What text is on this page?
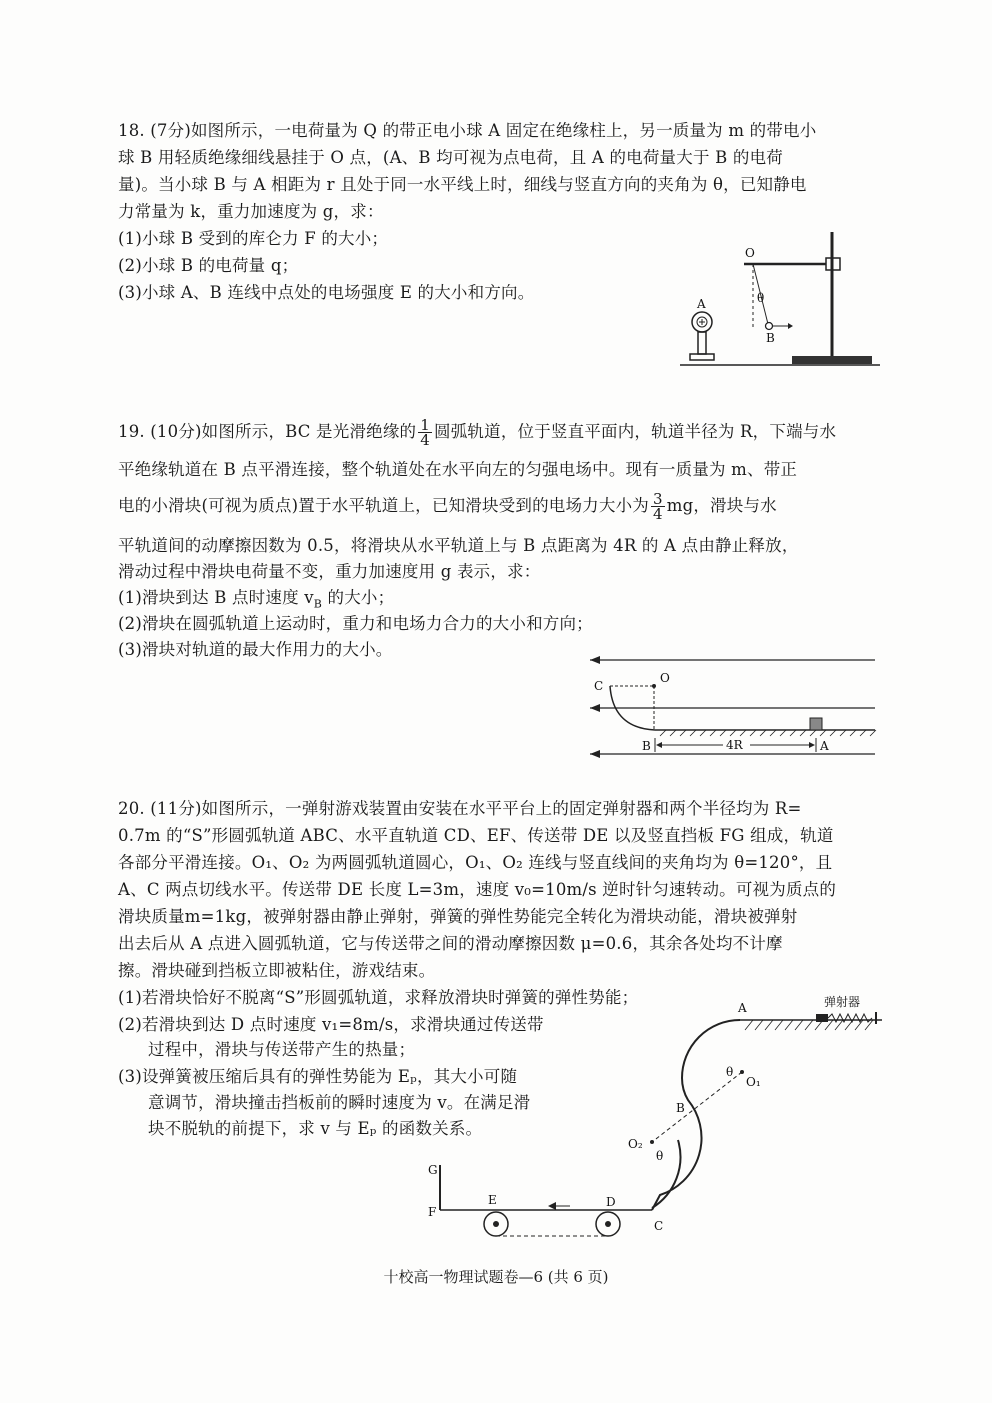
18. (7分)如图所示，一电荷量为 Q 的带正电小球 A 固定在绝缘柱上，另一质量为 m 的带电小
球 B 用轻质绝缘细线悬挂于 O 点，(A、B 均可视为点电荷，且 A 的电荷量大于 B 的电荷
量)。当小球 B 与 A 相距为 r 且处于同一水平线上时，细线与竖直方向的夹角为 θ，已知静电
力常量为 k，重力加速度为 g，求：
(1)小球 B 受到的库仑力 F 的大小；
(2)小球 B 的电荷量 q；
(3)小球 A、B 连线中点处的电场强度 E 的大小和方向。
O
A
B
θ
19. (10分)如图所示，BC 是光滑绝缘的 $\frac{1}{4}$ 圆弧轨道，位于竖直平面内，轨道半径为 R，下端与水
平绝缘轨道在 B 点平滑连接，整个轨道处在水平向左的匀强电场中。现有一质量为 m、带正
电的小滑块(可视为质点)置于水平轨道上，已知滑块受到的电场力大小为 $\frac{3}{4}$ mg，滑块与水
平轨道间的动摩擦因数为 0.5，将滑块从水平轨道上与 B 点距离为 4R 的 A 点由静止释放，
滑动过程中滑块电荷量不变，重力加速度用 g 表示，求：
(1)滑块到达 B 点时速度 $v_B$ 的大小；
(2)滑块在圆弧轨道上运动时，重力和电场力合力的大小和方向；
(3)滑块对轨道的最大作用力的大小。
C
O
B	4R	A
20. (11分)如图所示，一弹射游戏装置由安装在水平平台上的固定弹射器和两个半径均为 R=
0.7m 的“S”形圆弧轨道 ABC、水平直轨道 CD、EF、传送带 DE 以及竖直挡板 FG 组成，轨道
各部分平滑连接。O₁、O₂ 为两圆弧轨道圆心，O₁、O₂ 连线与竖直线间的夹角均为 θ=120°，且
A、C 两点切线水平。传送带 DE 长度 L=3m，速度 v₀=10m/s 逆时针匀速转动。可视为质点的
滑块质量m=1kg，被弹射器由静止弹射，弹簧的弹性势能完全转化为滑块动能，滑块被弹射
出去后从 A 点进入圆弧轨道，它与传送带之间的滑动摩擦因数 μ=0.6，其余各处均不计摩
擦。滑块碰到挡板立即被粘住，游戏结束。
(1)若滑块恰好不脱离“S”形圆弧轨道，求释放滑块时弹簧的弹性势能；
(2)若滑块到达 D 点时速度 v₁=8m/s，求滑块通过传送带
过程中，滑块与传送带产生的热量；
(3)设弹簧被压缩后具有的弹性势能为 Eₚ，其大小可随
意调节，滑块撞击挡板前的瞬时速度为 v。在满足滑
块不脱轨的前提下，求 v 与 Eₚ 的函数关系。
弹射器
A
B
C
D
E
F
G
O₁
O₂
θ
θ
十校高一物理试题卷—6 (共 6 页)
